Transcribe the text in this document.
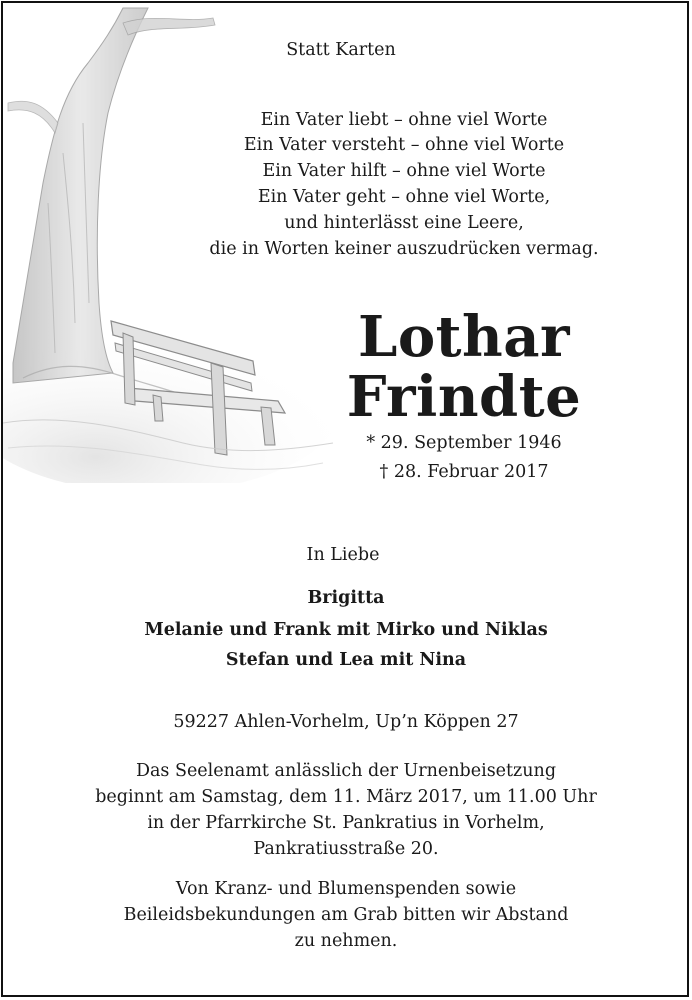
Statt Karten
Ein Vater liebt – ohne viel Worte
Ein Vater versteht – ohne viel Worte
Ein Vater hilft – ohne viel Worte
Ein Vater geht – ohne viel Worte,
und hinterlässt eine Leere,
die in Worten keiner auszudrücken vermag.
Lothar
Frindte
* 29. September 1946
† 28. Februar 2017
In Liebe
Brigitta
Melanie und Frank mit Mirko und Niklas
Stefan und Lea mit Nina
59227 Ahlen-Vorhelm, Up’n Köppen 27
Das Seelenamt anlässlich der Urnenbeisetzung
beginnt am Samstag, dem 11. März 2017, um 11.00 Uhr
in der Pfarrkirche St. Pankratius in Vorhelm,
Pankratiusstraße 20.
Von Kranz- und Blumenspenden sowie
Beileidsbekundungen am Grab bitten wir Abstand
zu nehmen.
